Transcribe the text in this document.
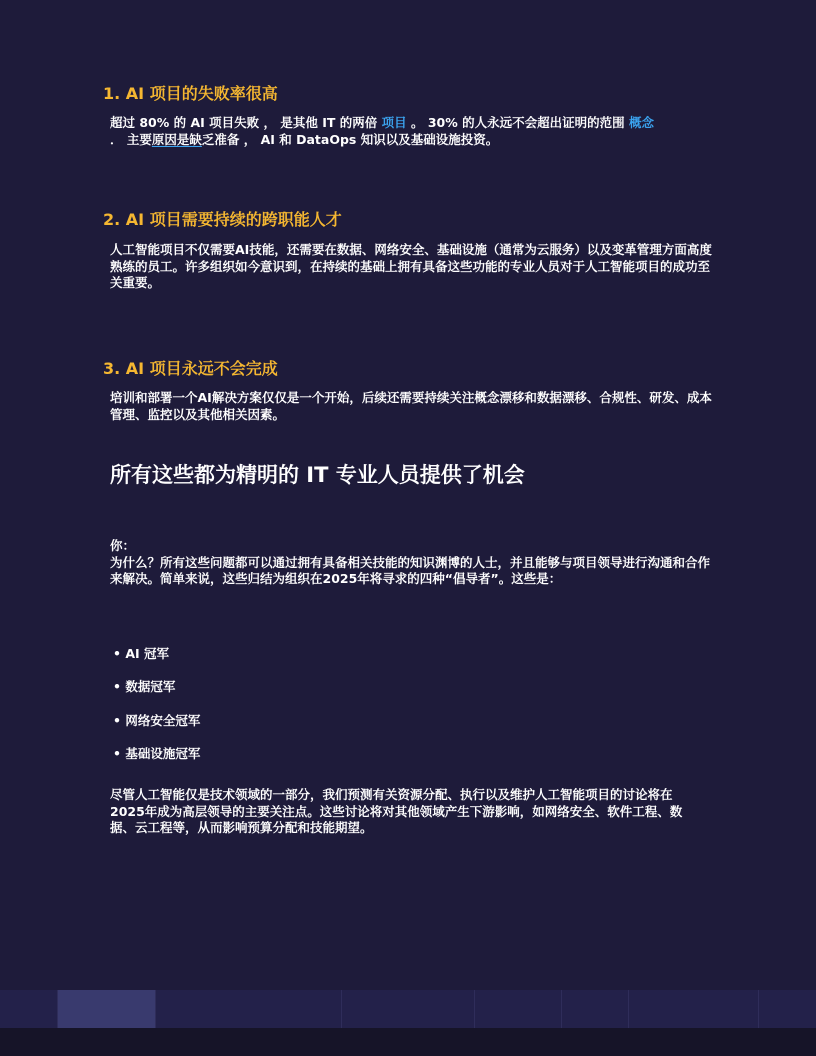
1. AI 项目的失败率很高

超过 80% 的 AI 项目失败 ， 是其他 IT 的两倍 项目 。 30% 的人永远不会超出证明的范围 概念 ． 主要原因是缺乏准备 ， AI 和 DataOps 知识以及基础设施投资。

2. AI 项目需要持续的跨职能人才

人工智能项目不仅需要AI技能，还需要在数据、网络安全、基础设施（通常为云服务）以及变革管理方面高度熟练的员工。许多组织如今意识到，在持续的基础上拥有具备这些功能的专业人员对于人工智能项目的成功至关重要。

3. AI 项目永远不会完成

培训和部署一个AI解决方案仅仅是一个开始，后续还需要持续关注概念漂移和数据漂移、合规性、研发、成本管理、监控以及其他相关因素。

所有这些都为精明的 IT 专业人员提供了机会

你：
为什么？所有这些问题都可以通过拥有具备相关技能的知识渊博的人士，并且能够与项目领导进行沟通和合作来解决。简单来说，这些归结为组织在2025年将寻求的四种“倡导者”。这些是：

• AI 冠军
• 数据冠军
• 网络安全冠军
• 基础设施冠军

尽管人工智能仅是技术领域的一部分，我们预测有关资源分配、执行以及维护人工智能项目的讨论将在2025年成为高层领导的主要关注点。这些讨论将对其他领域产生下游影响，如网络安全、软件工程、数据、云工程等，从而影响预算分配和技能期望。
